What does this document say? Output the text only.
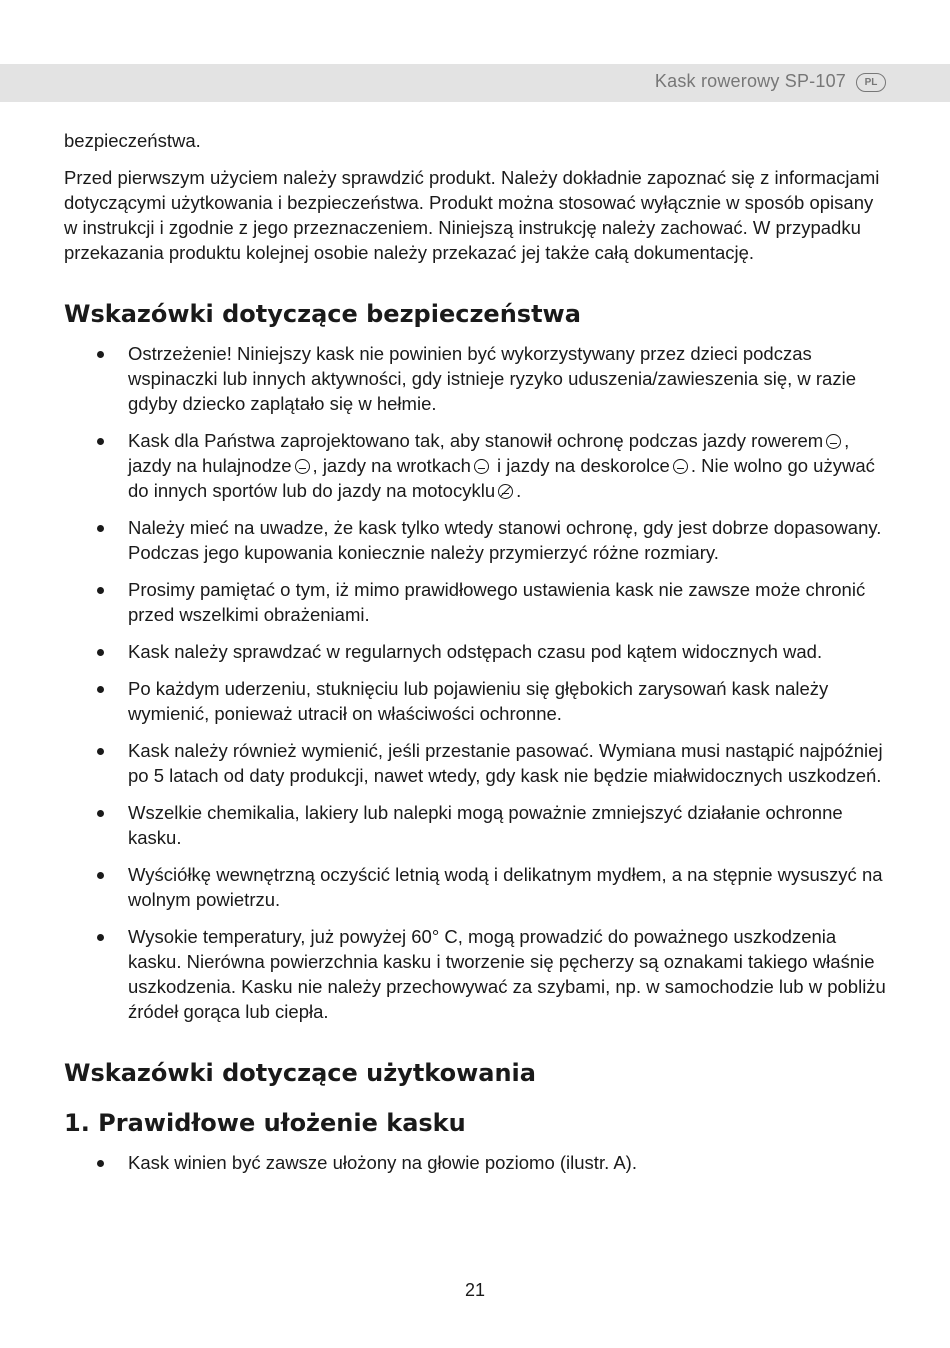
Kask rowerowy SP-107	PL

bezpieczeństwa.

Przed pierwszym użyciem należy sprawdzić produkt. Należy dokładnie zapoznać się z informacjami dotyczącymi użytkowania i bezpieczeństwa. Produkt można stosować wyłącznie w sposób opisany w instrukcji i zgodnie z jego przeznaczeniem. Niniejszą instrukcję należy zachować. W przypadku przekazania produktu kolejnej osobie należy przekazać jej także całą dokumentację.

Wskazówki dotyczące bezpieczeństwa
Ostrzeżenie! Niniejszy kask nie powinien być wykorzystywany przez dzieci podczas wspinaczki lub innych aktywności, gdy istnieje ryzyko uduszenia/zawieszenia się, w razie gdyby dziecko zaplątało się w hełmie.
Kask dla Państwa zaprojektowano tak, aby stanowił ochronę podczas jazdy rowerem , jazdy na hulajnodze , jazdy na wrotkach i jazdy na deskorolce . Nie wolno go używać do innych sportów lub do jazdy na motocyklu .
Należy mieć na uwadze, że kask tylko wtedy stanowi ochronę, gdy jest dobrze dopasowany. Podczas jego kupowania koniecznie należy przymierzyć różne rozmiary.
Prosimy pamiętać o tym, iż mimo prawidłowego ustawienia kask nie zawsze może chronić przed wszelkimi obrażeniami.
Kask należy sprawdzać w regularnych odstępach czasu pod kątem widocznych wad.
Po każdym uderzeniu, stuknięciu lub pojawieniu się głębokich zarysowań kask należy wymienić, ponieważ utracił on właściwości ochronne.
Kask należy również wymienić, jeśli przestanie pasować. Wymiana musi nastąpić najpóźniej po 5 latach od daty produkcji, nawet wtedy, gdy kask nie będzie miałwidocznych uszkodzeń.
Wszelkie chemikalia, lakiery lub nalepki mogą poważnie zmniejszyć działanie ochronne kasku.
Wyściółkę wewnętrzną oczyścić letnią wodą i delikatnym mydłem, a na stępnie wysuszyć na wolnym powietrzu.
Wysokie temperatury, już powyżej 60° C, mogą prowadzić do poważnego uszkodzenia kasku. Nierówna powierzchnia kasku i tworzenie się pęcherzy są oznakami takiego właśnie uszkodzenia. Kasku nie należy przechowywać za szybami, np. w samochodzie lub w pobliżu źródeł gorąca lub ciepła.
Wskazówki dotyczące użytkowania
1. Prawidłowe ułożenie kasku
Kask winien być zawsze ułożony na głowie poziomo (ilustr. A).
21
